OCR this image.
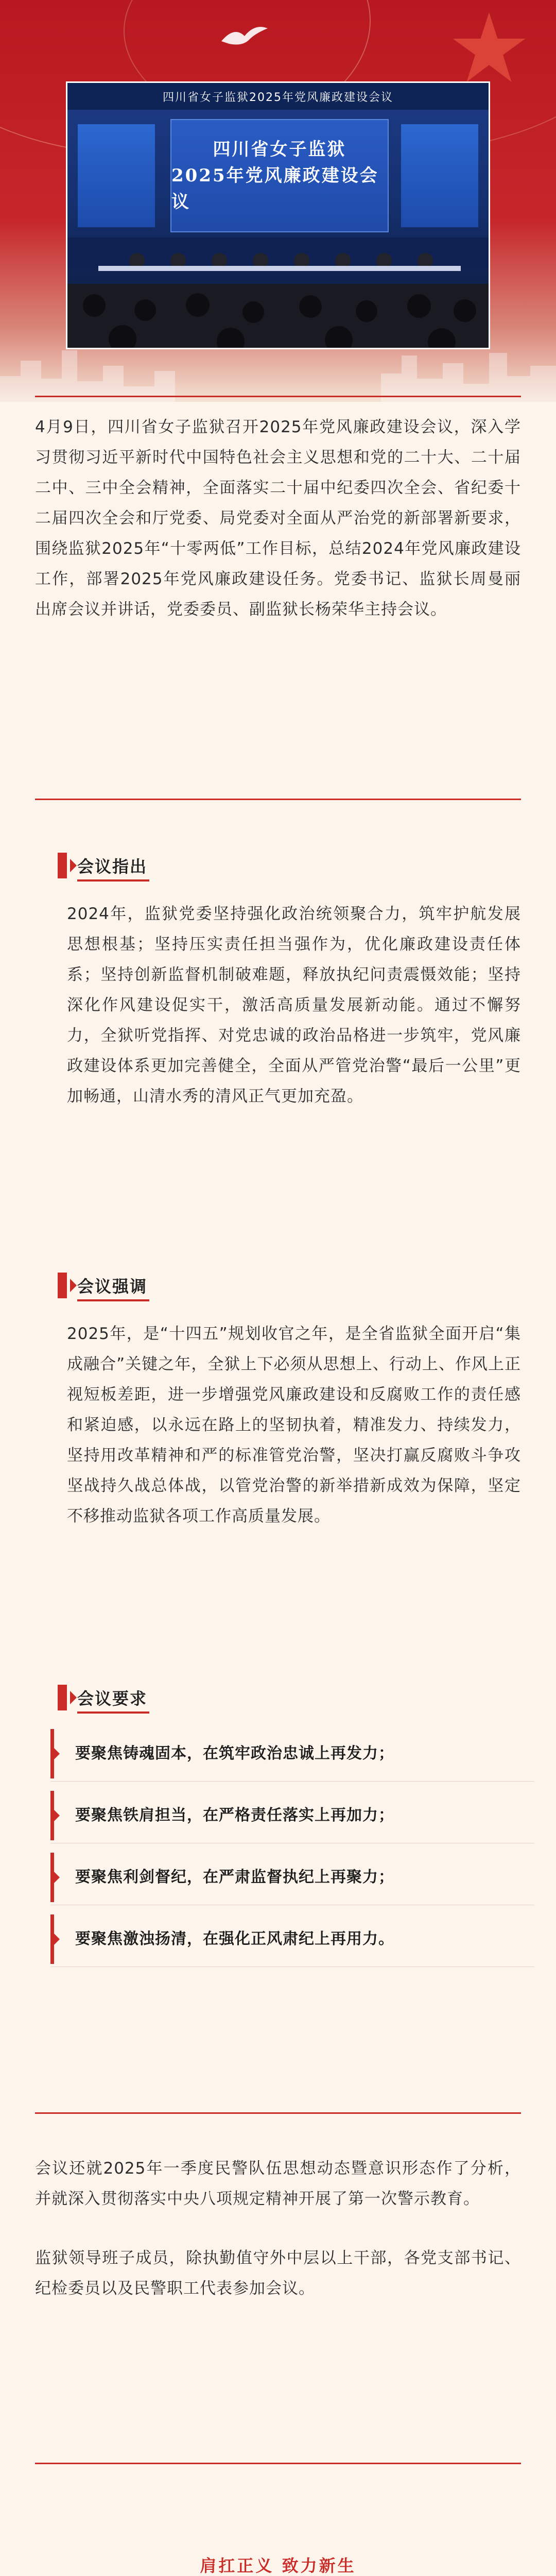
四川省女子监狱2025年党风廉政建设会议
四川省女子监狱
2025年党风廉政建设会议

4月9日，四川省女子监狱召开2025年党风廉政建设会议，深入学习贯彻习近平新时代中国特色社会主义思想和党的二十大、二十届二中、三中全会精神，全面落实二十届中纪委四次全会、省纪委十二届四次全会和厅党委、局党委对全面从严治党的新部署新要求，围绕监狱2025年“十零两低”工作目标，总结2024年党风廉政建设工作，部署2025年党风廉政建设任务。党委书记、监狱长周曼丽出席会议并讲话，党委委员、副监狱长杨荣华主持会议。

会议指出

2024年，监狱党委坚持强化政治统领聚合力，筑牢护航发展思想根基；坚持压实责任担当强作为，优化廉政建设责任体系；坚持创新监督机制破难题，释放执纪问责震慑效能；坚持深化作风建设促实干，激活高质量发展新动能。通过不懈努力，全狱听党指挥、对党忠诚的政治品格进一步筑牢，党风廉政建设体系更加完善健全，全面从严管党治警“最后一公里”更加畅通，山清水秀的清风正气更加充盈。

会议强调

2025年，是“十四五”规划收官之年，是全省监狱全面开启“集成融合”关键之年，全狱上下必须从思想上、行动上、作风上正视短板差距，进一步增强党风廉政建设和反腐败工作的责任感和紧迫感，以永远在路上的坚韧执着，精准发力、持续发力，坚持用改革精神和严的标准管党治警，坚决打赢反腐败斗争攻坚战持久战总体战，以管党治警的新举措新成效为保障，坚定不移推动监狱各项工作高质量发展。

会议要求
要聚焦铸魂固本，在筑牢政治忠诚上再发力；
要聚焦铁肩担当，在严格责任落实上再加力；
要聚焦利剑督纪，在严肃监督执纪上再聚力；
要聚焦激浊扬清，在强化正风肃纪上再用力。

会议还就2025年一季度民警队伍思想动态暨意识形态作了分析，并就深入贯彻落实中央八项规定精神开展了第一次警示教育。

监狱领导班子成员，除执勤值守外中层以上干部，各党支部书记、纪检委员以及民警职工代表参加会议。

肩扛正义 致力新生
